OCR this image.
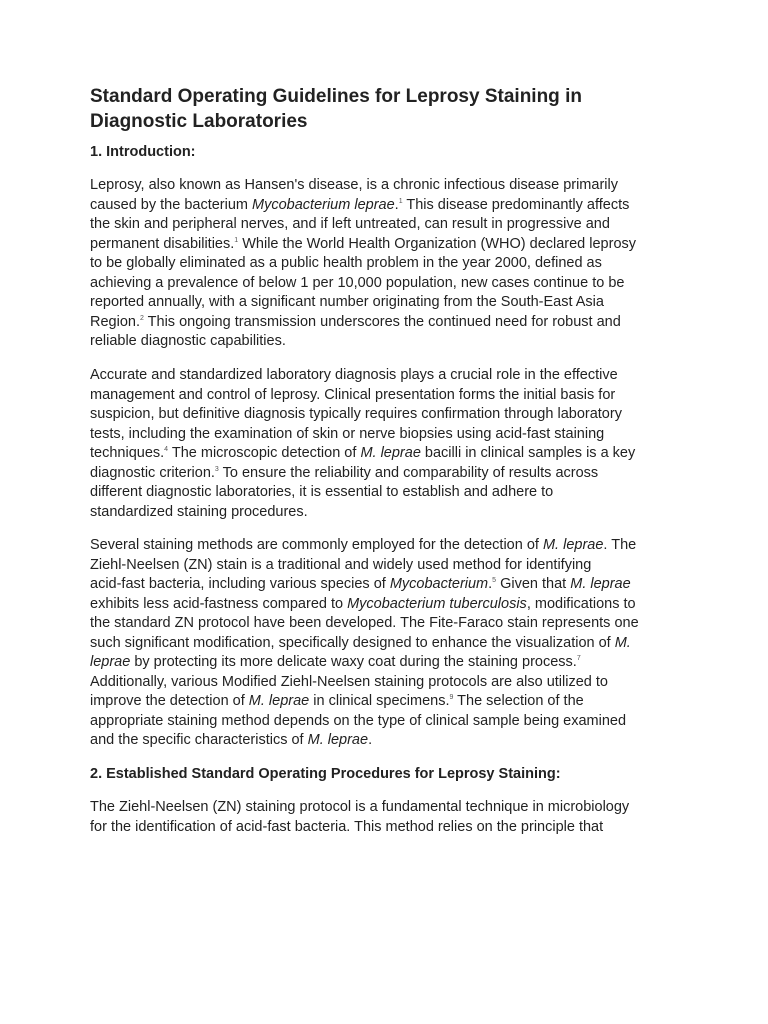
Standard Operating Guidelines for Leprosy Staining in
Diagnostic Laboratories
1. Introduction:
Leprosy, also known as Hansen's disease, is a chronic infectious disease primarily
caused by the bacterium Mycobacterium leprae.$^1$ This disease predominantly affects
the skin and peripheral nerves, and if left untreated, can result in progressive and
permanent disabilities.$^1$ While the World Health Organization (WHO) declared leprosy
to be globally eliminated as a public health problem in the year 2000, defined as
achieving a prevalence of below 1 per 10,000 population, new cases continue to be
reported annually, with a significant number originating from the South-East Asia
Region.$^2$ This ongoing transmission underscores the continued need for robust and
reliable diagnostic capabilities.
Accurate and standardized laboratory diagnosis plays a crucial role in the effective
management and control of leprosy. Clinical presentation forms the initial basis for
suspicion, but definitive diagnosis typically requires confirmation through laboratory
tests, including the examination of skin or nerve biopsies using acid-fast staining
techniques.$^4$ The microscopic detection of M. leprae bacilli in clinical samples is a key
diagnostic criterion.$^3$ To ensure the reliability and comparability of results across
different diagnostic laboratories, it is essential to establish and adhere to
standardized staining procedures.
Several staining methods are commonly employed for the detection of M. leprae. The
Ziehl-Neelsen (ZN) stain is a traditional and widely used method for identifying
acid-fast bacteria, including various species of Mycobacterium.$^5$ Given that M. leprae
exhibits less acid-fastness compared to Mycobacterium tuberculosis, modifications to
the standard ZN protocol have been developed. The Fite-Faraco stain represents one
such significant modification, specifically designed to enhance the visualization of M.
leprae by protecting its more delicate waxy coat during the staining process.$^7$
Additionally, various Modified Ziehl-Neelsen staining protocols are also utilized to
improve the detection of M. leprae in clinical specimens.$^9$ The selection of the
appropriate staining method depends on the type of clinical sample being examined
and the specific characteristics of M. leprae.
2. Established Standard Operating Procedures for Leprosy Staining:
The Ziehl-Neelsen (ZN) staining protocol is a fundamental technique in microbiology
for the identification of acid-fast bacteria. This method relies on the principle that
